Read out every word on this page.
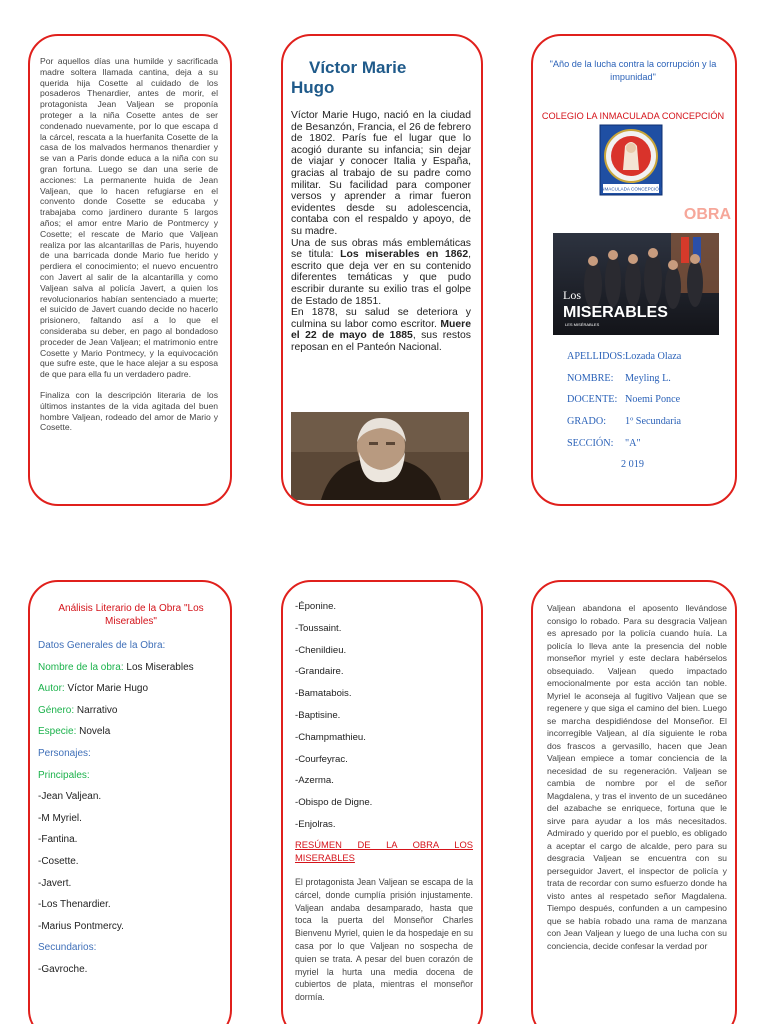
Por aquellos días una humilde y sacrificada madre soltera llamada cantina, deja a su querida hija Cosette al cuidado de los posaderos Thenardier, antes de morir, el protagonista Jean Valjean se proponía proteger a la niña Cosette antes de ser condenado nuevamente, por lo que escapa d la cárcel, rescata a la huerfanita Cosette de la casa de los malvados hermanos thenardier y se van a Paris donde educa a la niña con su gran fortuna. Luego se dan una serie de acciones: La permanente huida de Jean Valjean, que lo hacen refugiarse en el convento donde Cosette se educaba y trabajaba como jardinero durante 5 largos años; el amor entre Mario de Pontmercy y Cosette; el rescate de Mario que Valjean realiza por las alcantarillas de Paris, huyendo de una barricada donde Mario fue herido y perdiera el conocimiento; el nuevo encuentro con Javert al salir de la alcantarilla y como Valjean salva al policía Javert, a quien los revolucionarios habían sentenciado a muerte; el suicido de Javert cuando decide no hacerlo prisionero, faltando así a lo que el consideraba su deber, en pago al bondadoso proceder de Jean Valjean; el matrimonio entre Cosette y Mario Pontmecy, y la equivocación que sufre este, que le hace alejar a su esposa de que para ella fu un verdadero padre.

Finaliza con la descripción literaria de los últimos instantes de la vida agitada del buen hombre Valjean, rodeado del amor de Mario y Cosette.

Víctor Marie
Hugo

Víctor Marie Hugo, nació en la ciudad de Besanzón, Francia, el 26 de febrero de 1802. París fue el lugar que lo acogió durante su infancia; sin dejar de viajar y conocer Italia y España, gracias al trabajo de su padre como militar. Su facilidad para componer versos y aprender a rimar fueron evidentes desde su adolescencia, contaba con el respaldo y apoyo, de su madre.

Una de sus obras más emblemáticas se titula: Los miserables en 1862, escrito que deja ver en su contenido diferentes temáticas y que pudo escribir durante su exilio tras el golpe de Estado de 1851.

En 1878, su salud se deteriora y culmina su labor como escritor. Muere el 22 de mayo de 1885, sus restos reposan en el Panteón Nacional.

"Año de la lucha contra la corrupción y la impunidad"
COLEGIO LA INMACULADA CONCEPCIÓN
INMACULADA CONCEPCIÓN
OBRA
Los
MISERABLES
LES MISÉRABLES
APELLIDOS: Lozada Olaza
NOMBRE:	Meyling L.
DOCENTE: Noemi Ponce
GRADO:	1º Secundaria
SECCIÓN:	"A"
2 019
Análisis Literario de la Obra "Los Miserables"
Datos Generales de la Obra:
Nombre de la obra: Los Miserables
Autor: Víctor Marie Hugo
Género: Narrativo
Especie: Novela
Personajes:
Principales:
-Jean Valjean.
-M Myriel.
-Fantina.
-Cosette.
-Javert.
-Los Thenardier.
-Marius Pontmercy.
Secundarios:
-Gavroche.
-Éponine.
-Toussaint.
-Chenildieu.
-Grandaire.
-Bamatabois.
-Baptisine.
-Champmathieu.
-Courfeyrac.
-Azerma.
-Obispo de Digne.
-Enjolras.
RESÚMEN DE LA OBRA LOS MISERABLES

El protagonista Jean Valjean se escapa de la cárcel, donde cumplía prisión injustamente. Valjean andaba desamparado, hasta que toca la puerta del Monseñor Charles Bienvenu Myriel, quien le da hospedaje en su casa por lo que Valjean no sospecha de quien se trata. A pesar del buen corazón de myriel la hurta una media docena de cubiertos de plata, mientras el monseñor dormía.

Valjean abandona el aposento llevándose consigo lo robado. Para su desgracia Valjean es apresado por la policía cuando huía. La policía lo lleva ante la presencia del noble monseñor myriel y este declara habérselos obsequiado. Valjean quedo impactado emocionalmente por esta acción tan noble. Myriel le aconseja al fugitivo Valjean que se regenere y que siga el camino del bien. Luego se marcha despidiéndose del Monseñor. El incorregible Valjean, al día siguiente le roba dos frascos a gervasillo, hacen que Jean Valjean empiece a tomar conciencia de la necesidad de su regeneración. Valjean se cambia de nombre por el de señor Magdalena, y tras el invento de un sucedáneo del azabache se enriquece, fortuna que le sirve para ayudar a los más necesitados. Admirado y querido por el pueblo, es obligado a aceptar el cargo de alcalde, pero para su desgracia Valjean se encuentra con su perseguidor Javert, el inspector de policía y trata de recordar con sumo esfuerzo donde ha visto antes al respetado señor Magdalena. Tiempo después, confunden a un campesino que se había robado una rama de manzana con Jean Valjean y luego de una lucha con su conciencia, decide confesar la verdad por
